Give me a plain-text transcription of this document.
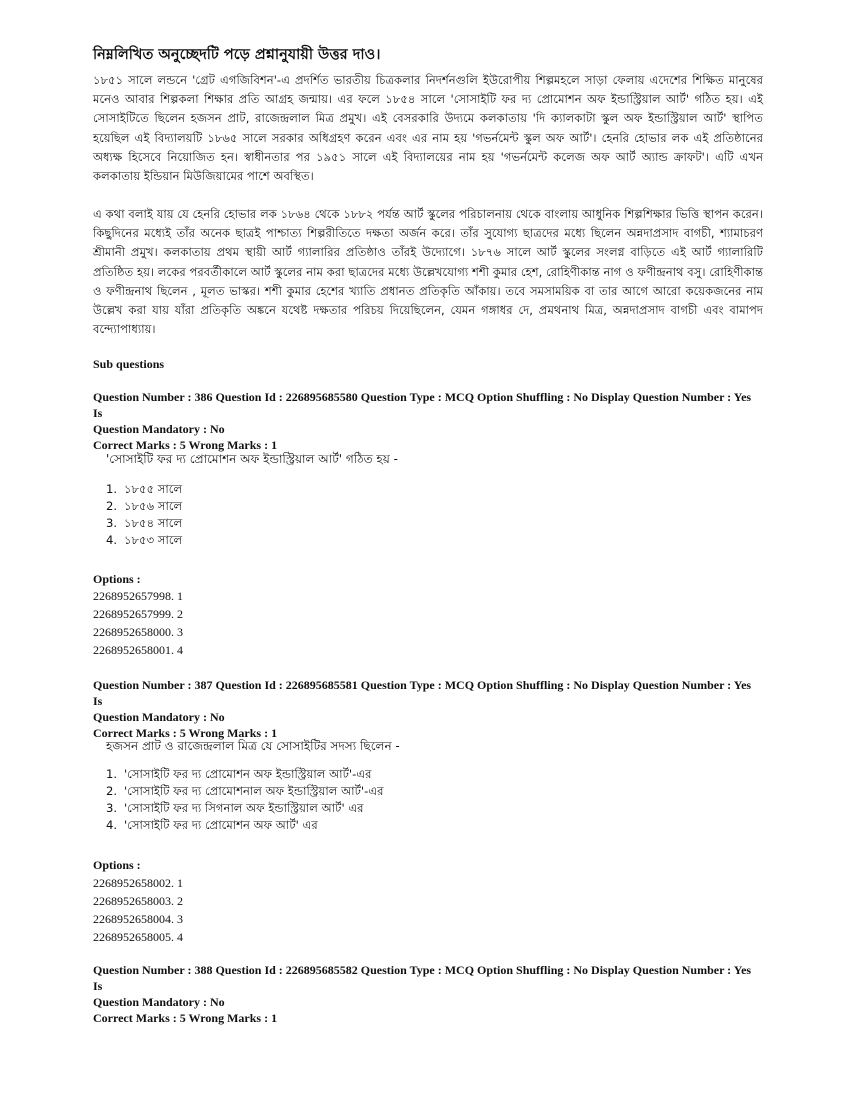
নিম্নলিখিত অনুচ্ছেদটি পড়ে প্রশ্নানুযায়ী উত্তর দাও।
১৮৫১ সালে লন্ডনে 'গ্রেট এগজিবিশন'-এ প্রদর্শিত ভারতীয় চিত্রকলার নিদর্শনগুলি ইউরোপীয় শিল্পমহলে সাড়া ফেলায় এদেশের শিক্ষিত মানুষের মনেও আবার শিল্পকলা শিক্ষার প্রতি আগ্রহ জন্মায়। এর ফলে ১৮৫৪ সালে 'সোসাইটি ফর দ্য প্রোমোশন অফ ইন্ডাস্ট্রিয়াল আর্ট' গঠিত হয়। এই সোসাইটিতে ছিলেন হজসন প্রাট, রাজেন্দ্রলাল মিত্র প্রমুখ। এই বেসরকারি উদ্যমে কলকাতায় 'দি ক্যালকাটা স্কুল অফ ইন্ডাস্ট্রিয়াল আর্ট' স্থাপিত হয়েছিল এই বিদ্যালয়টি ১৮৬৫ সালে সরকার অধিগ্রহণ করেন এবং এর নাম হয় 'গভর্নমেন্ট স্কুল অফ আর্ট'। হেনরি হোভার লক এই প্রতিষ্ঠানের অধ্যক্ষ হিসেবে নিয়োজিত হন। স্বাধীনতার পর ১৯৫১ সালে এই বিদ্যালয়ের নাম হয় 'গভর্নমেন্ট কলেজ অফ আর্ট অ্যান্ড ক্রাফট'। এটি এখন কলকাতায় ইন্ডিয়ান মিউজিয়ামের পাশে অবস্থিত।
এ কথা বলাই যায় যে হেনরি হোভার লক ১৮৬৪ থেকে ১৮৮২ পর্যন্ত আর্ট স্কুলের পরিচালনায় থেকে বাংলায় আধুনিক শিল্পশিক্ষার ভিত্তি স্থাপন করেন। কিছুদিনের মধ্যেই তাঁর অনেক ছাত্রই পাশ্চাত্য শিল্পরীতিতে দক্ষতা অর্জন করে। তাঁর সুযোগ্য ছাত্রদের মধ্যে ছিলেন অন্নদাপ্রসাদ বাগচী, শ্যামাচরণ শ্রীমানী প্রমুখ। কলকাতায় প্রথম স্থায়ী আর্ট গ্যালারির প্রতিষ্ঠাও তাঁরই উদ্যোগে। ১৮৭৬ সালে আর্ট স্কুলের সংলগ্ন বাড়িতে এই আর্ট গ্যালারিটি প্রতিষ্ঠিত হয়। লকের পরবর্তীকালে আর্ট স্কুলের নাম করা ছাত্রদের মধ্যে উল্লেখযোগ্য শশী কুমার হেশ, রোহিণীকান্ত নাগ ও ফণীন্দ্রনাথ বসু। রোহিণীকান্ত ও ফণীন্দ্রনাথ ছিলেন , মূলত ভাস্কর। শশী কুমার হেশের খ্যাতি প্রধানত প্রতিকৃতি আঁকায়। তবে সমসাময়িক বা তার আগে আরো কয়েকজনের নাম উল্লেখ করা যায় যাঁরা প্রতিকৃতি অঙ্কনে যথেষ্ট দক্ষতার পরিচয় দিয়েছিলেন, যেমন গঙ্গাধর দে, প্রমথনাথ মিত্র, অন্নদাপ্রসাদ বাগচী এবং বামাপদ বন্দ্যোপাধ্যায়।
Sub questions
Question Number : 386 Question Id : 226895685580 Question Type : MCQ Option Shuffling : No Display Question Number : Yes Is
Question Mandatory : No
Correct Marks : 5 Wrong Marks : 1
'সোসাইটি ফর দ্য প্রোমোশন অফ ইন্ডাস্ট্রিয়াল আর্ট' গঠিত হয় -
1. ১৮৫৫ সালে
2. ১৮৫৬ সালে
3. ১৮৫৪ সালে
4. ১৮৫৩ সালে
Options :
2268952657998. 1
2268952657999. 2
2268952658000. 3
2268952658001. 4
Question Number : 387 Question Id : 226895685581 Question Type : MCQ Option Shuffling : No Display Question Number : Yes Is
Question Mandatory : No
Correct Marks : 5 Wrong Marks : 1
হজসন প্রাট ও রাজেন্দ্রলাল মিত্র যে সোসাইটির সদস্য ছিলেন -
1. 'সোসাইটি ফর দ্য প্রোমোশন অফ ইন্ডাস্ট্রিয়াল আর্ট'-এর
2. 'সোসাইটি ফর দ্য প্রোমোশনাল অফ ইন্ডাস্ট্রিয়াল আর্ট'-এর
3. 'সোসাইটি ফর দ্য সিগনাল অফ ইন্ডাস্ট্রিয়াল আর্ট' এর
4. 'সোসাইটি ফর দ্য প্রোমোশন অফ আর্ট' এর
Options :
2268952658002. 1
2268952658003. 2
2268952658004. 3
2268952658005. 4
Question Number : 388 Question Id : 226895685582 Question Type : MCQ Option Shuffling : No Display Question Number : Yes Is
Question Mandatory : No
Correct Marks : 5 Wrong Marks : 1
